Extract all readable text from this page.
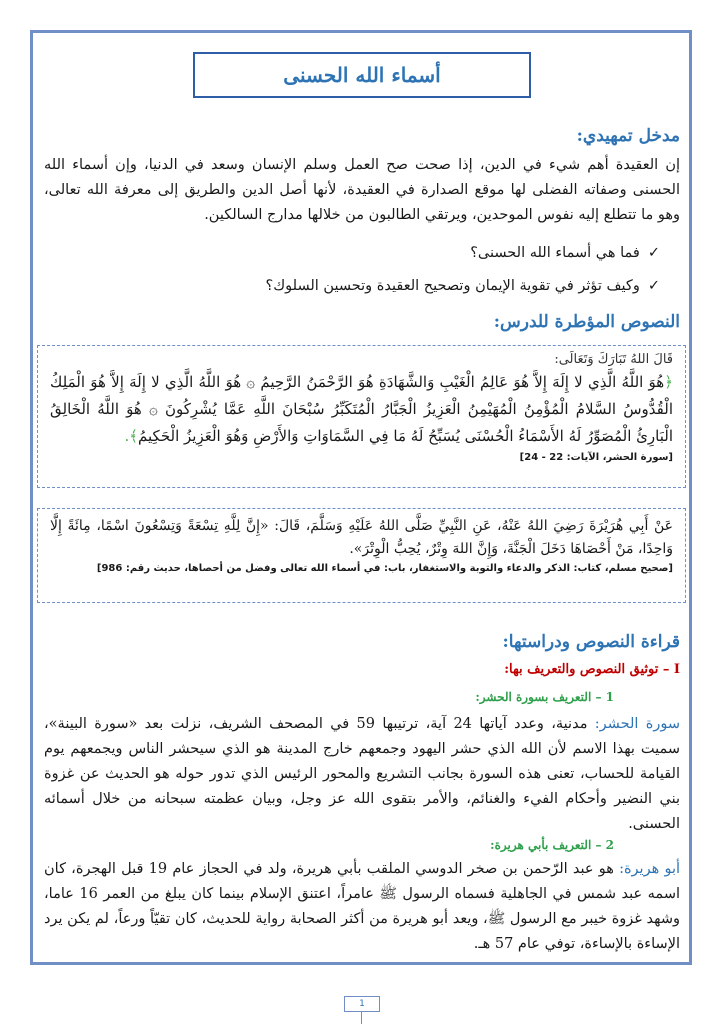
أسماء الله الحسنى
مدخل تمهيدي:
إن العقيدة أهم شيء في الدين، إذا صحت صح العمل وسلم الإنسان وسعد في الدنيا، وإن أسماء الله الحسنى وصفاته الفضلى لها موقع الصدارة في العقيدة، لأنها أصل الدين والطريق إلى معرفة الله تعالى، وهو ما تتطلع إليه نفوس الموحدين، ويرتقي الطالبون من خلالها مدارج السالكين.
✓فما هي أسماء الله الحسنى؟
✓وكيف تؤثر في تقوية الإيمان وتصحيح العقيدة وتحسين السلوك؟
النصوص المؤطرة للدرس:
قَالَ اللهُ تَبَارَكَ وَتَعَالَى:
﴿هُوَ اللَّهُ الَّذِي لا إِلَهَ إِلاَّ هُوَ عَالِمُ الْغَيْبِ وَالشَّهَادَةِ هُوَ الرَّحْمَنُ الرَّحِيمُ ۞ هُوَ اللَّهُ الَّذِي لا إِلَهَ إِلاَّ هُوَ الْمَلِكُ الْقُدُّوسُ السَّلامُ الْمُؤْمِنُ الْمُهَيْمِنُ الْعَزِيزُ الْجَبَّارُ الْمُتَكَبِّرُ سُبْحَانَ اللَّهِ عَمَّا يُشْرِكُونَ ۞ هُوَ اللَّهُ الْخَالِقُ الْبَارِئُ الْمُصَوِّرُ لَهُ الأَسْمَاءُ الْحُسْنَى يُسَبِّحُ لَهُ مَا فِي السَّمَاوَاتِ وَالأَرْضِ وَهُوَ الْعَزِيزُ الْحَكِيمُ﴾.
[سورة الحشر، الآيات: 22 - 24]
عَنْ أَبِي هُرَيْرَةَ رَضِيَ اللهُ عَنْهُ، عَنِ النَّبِيِّ صَلَّى اللهُ عَلَيْهِ وَسَلَّمَ، قَالَ: «إِنَّ لِلَّهِ تِسْعَةً وَتِسْعُونَ اسْمًا، مِائَةً إِلَّا وَاحِدًا، مَنْ أَحْصَاهَا دَخَلَ الْجَنَّةَ، وَإِنَّ اللهَ وِتْرٌ، يُحِبُّ الْوِتْرَ».
[صحيح مسلم، كتاب: الذكر والدعاء والتوبة والاستغفار، باب: في أسماء الله تعالى وفضل من أحصاها، حديث رقم: 986]
قراءة النصوص ودراستها:
I – توثيق النصوص والتعريف بها:
1 – التعريف بسورة الحشر:
سورة الحشر: مدنية، وعدد آياتها 24 آية، ترتيبها 59 في المصحف الشريف، نزلت بعد «سورة البينة»، سميت بهذا الاسم لأن الله الذي حشر اليهود وجمعهم خارج المدينة هو الذي سيحشر الناس ويجمعهم يوم القيامة للحساب، تعنى هذه السورة بجانب التشريع والمحور الرئيس الذي تدور حوله هو الحديث عن غزوة بني النضير وأحكام الفيء والغنائم، والأمر بتقوى الله عز وجل، وبيان عظمته سبحانه من خلال أسمائه الحسنى.
2 – التعريف بأبي هريرة:
أبو هريرة: هو عبد الرّحمن بن صخر الدوسي الملقب بأبي هريرة، ولد في الحجاز عام 19 قبل الهجرة، كان اسمه عبد شمس في الجاهلية فسماه الرسول ﷺ عامراً، اعتنق الإسلام بينما كان يبلغ من العمر 16 عاما، وشهد غزوة خيبر مع الرسول ﷺ، ويعد أبو هريرة من أكثر الصحابة رواية للحديث، كان تقيّاً ورعاً، لم يكن يرد الإساءة بالإساءة، توفي عام 57 هـ.
1
